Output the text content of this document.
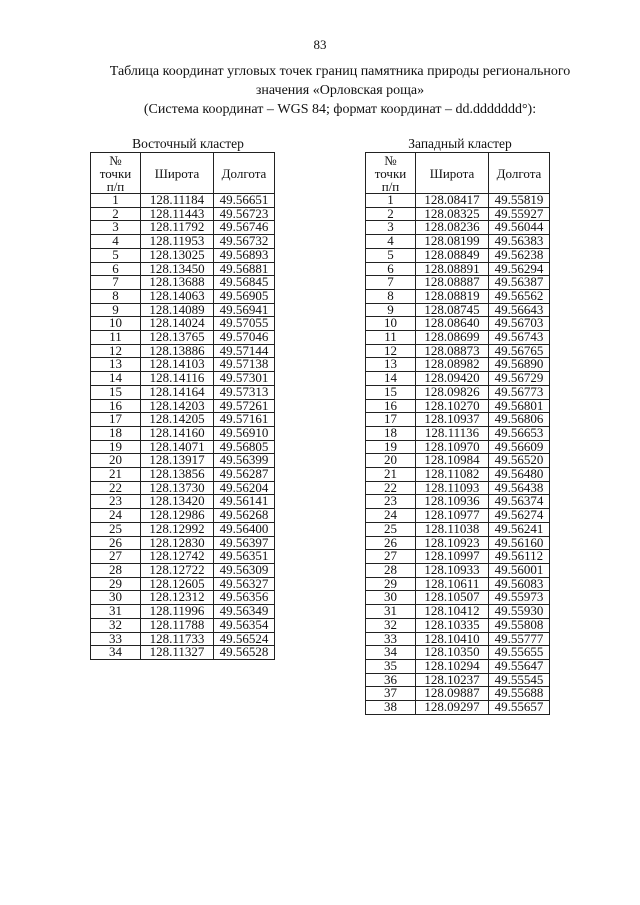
83
Таблица координат угловых точек границ памятника природы регионального
значения «Орловская роща»
(Система координат – WGS 84; формат координат – dd.ddddddd°):
Восточный кластер	Западный кластер
№
точки
п/п	Широта	Долгота
1	128.11184	49.56651
2	128.11443	49.56723
3	128.11792	49.56746
4	128.11953	49.56732
5	128.13025	49.56893
6	128.13450	49.56881
7	128.13688	49.56845
8	128.14063	49.56905
9	128.14089	49.56941
10	128.14024	49.57055
11	128.13765	49.57046
12	128.13886	49.57144
13	128.14103	49.57138
14	128.14116	49.57301
15	128.14164	49.57313
16	128.14203	49.57261
17	128.14205	49.57161
18	128.14160	49.56910
19	128.14071	49.56805
20	128.13917	49.56399
21	128.13856	49.56287
22	128.13730	49.56204
23	128.13420	49.56141
24	128.12986	49.56268
25	128.12992	49.56400
26	128.12830	49.56397
27	128.12742	49.56351
28	128.12722	49.56309
29	128.12605	49.56327
30	128.12312	49.56356
31	128.11996	49.56349
32	128.11788	49.56354
33	128.11733	49.56524
34	128.11327	49.56528
№
точки
п/п	Широта	Долгота
1	128.08417	49.55819
2	128.08325	49.55927
3	128.08236	49.56044
4	128.08199	49.56383
5	128.08849	49.56238
6	128.08891	49.56294
7	128.08887	49.56387
8	128.08819	49.56562
9	128.08745	49.56643
10	128.08640	49.56703
11	128.08699	49.56743
12	128.08873	49.56765
13	128.08982	49.56890
14	128.09420	49.56729
15	128.09826	49.56773
16	128.10270	49.56801
17	128.10937	49.56806
18	128.11136	49.56653
19	128.10970	49.56609
20	128.10984	49.56520
21	128.11082	49.56480
22	128.11093	49.56438
23	128.10936	49.56374
24	128.10977	49.56274
25	128.11038	49.56241
26	128.10923	49.56160
27	128.10997	49.56112
28	128.10933	49.56001
29	128.10611	49.56083
30	128.10507	49.55973
31	128.10412	49.55930
32	128.10335	49.55808
33	128.10410	49.55777
34	128.10350	49.55655
35	128.10294	49.55647
36	128.10237	49.55545
37	128.09887	49.55688
38	128.09297	49.55657
